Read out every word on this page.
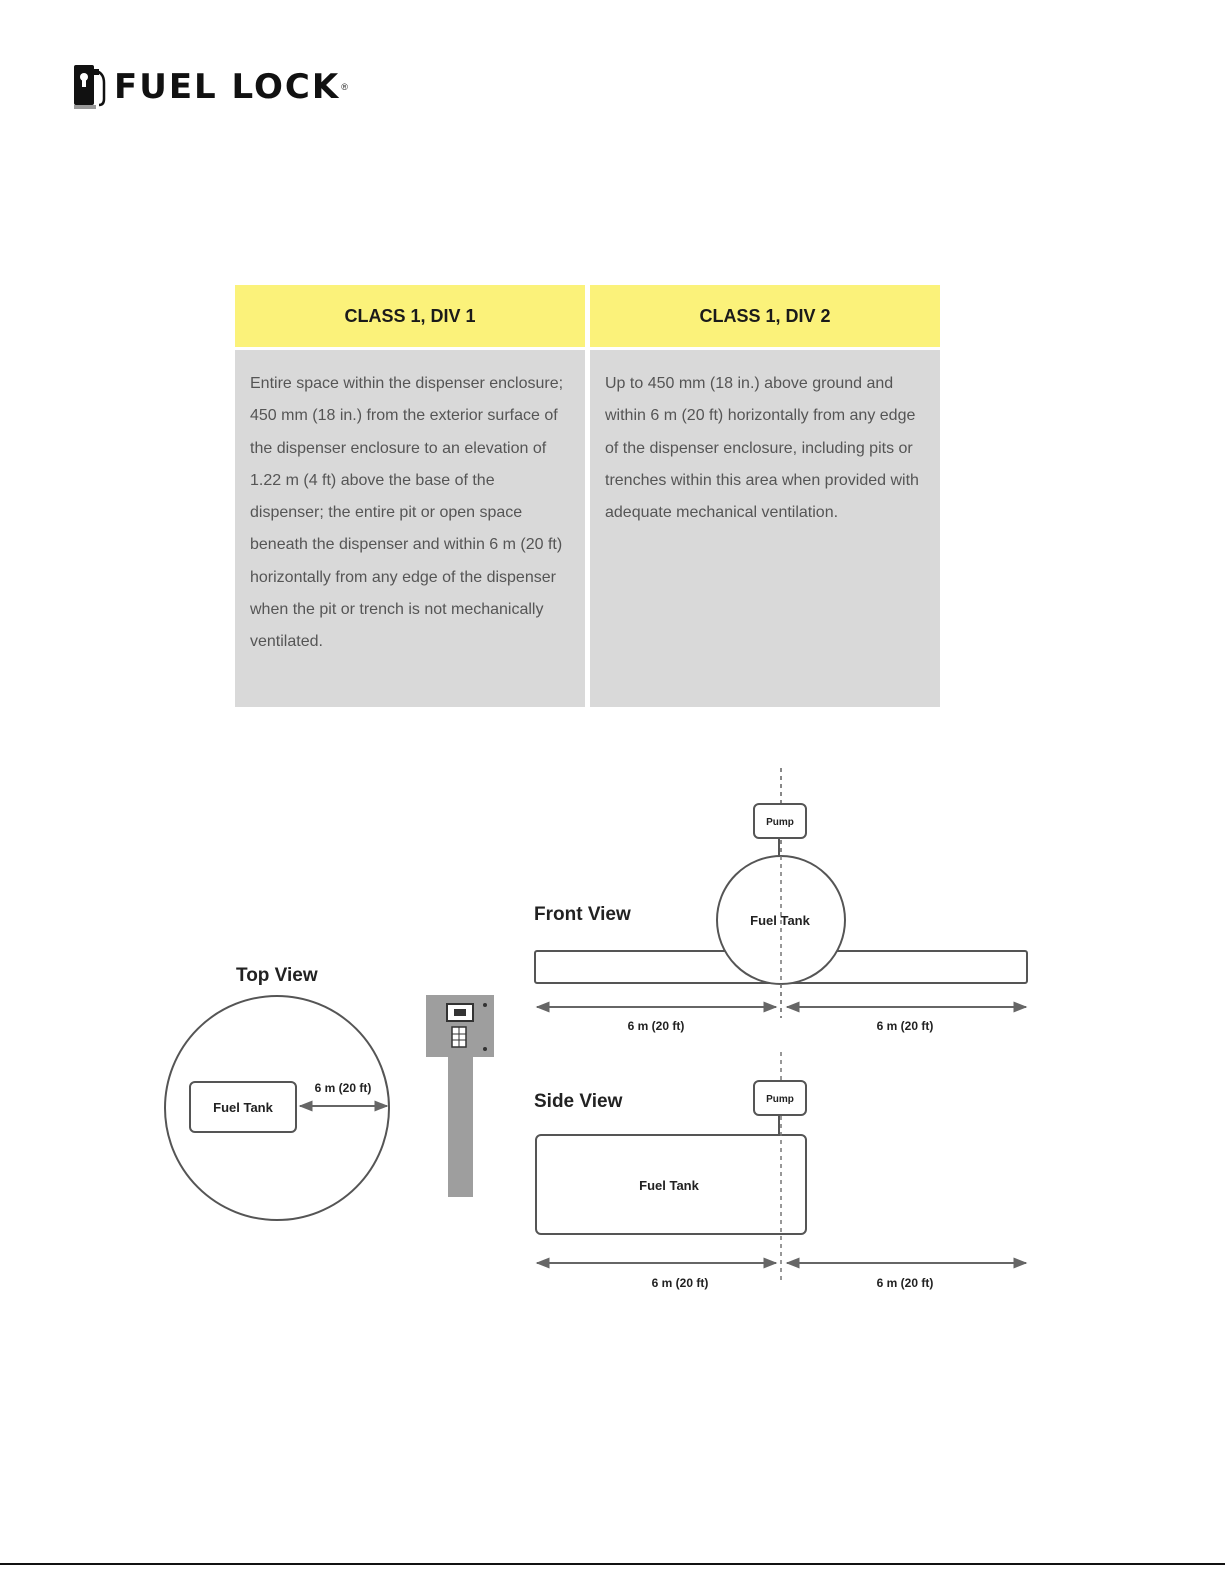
FUEL LOCK ®
CLASS 1, DIV 1	CLASS 1, DIV 2
Entire space within the dispenser enclosure; 450 mm (18 in.) from the exterior surface of the dispenser enclosure to an elevation of 1.22 m (4 ft) above the base of the dispenser; the entire pit or open space beneath the dispenser and within 6 m (20 ft) horizontally from any edge of the dispenser when the pit or trench is not mechanically ventilated.
Up to 450 mm (18 in.) above ground and within 6 m (20 ft) horizontally from any edge of the dispenser enclosure, including pits or trenches within this area when provided with adequate mechanical ventilation.
Top View
Fuel Tank
6 m (20 ft)
Front View
Pump
Fuel Tank
6 m (20 ft)	6 m (20 ft)
Side View	Pump
Fuel Tank
6 m (20 ft)	6 m (20 ft)
